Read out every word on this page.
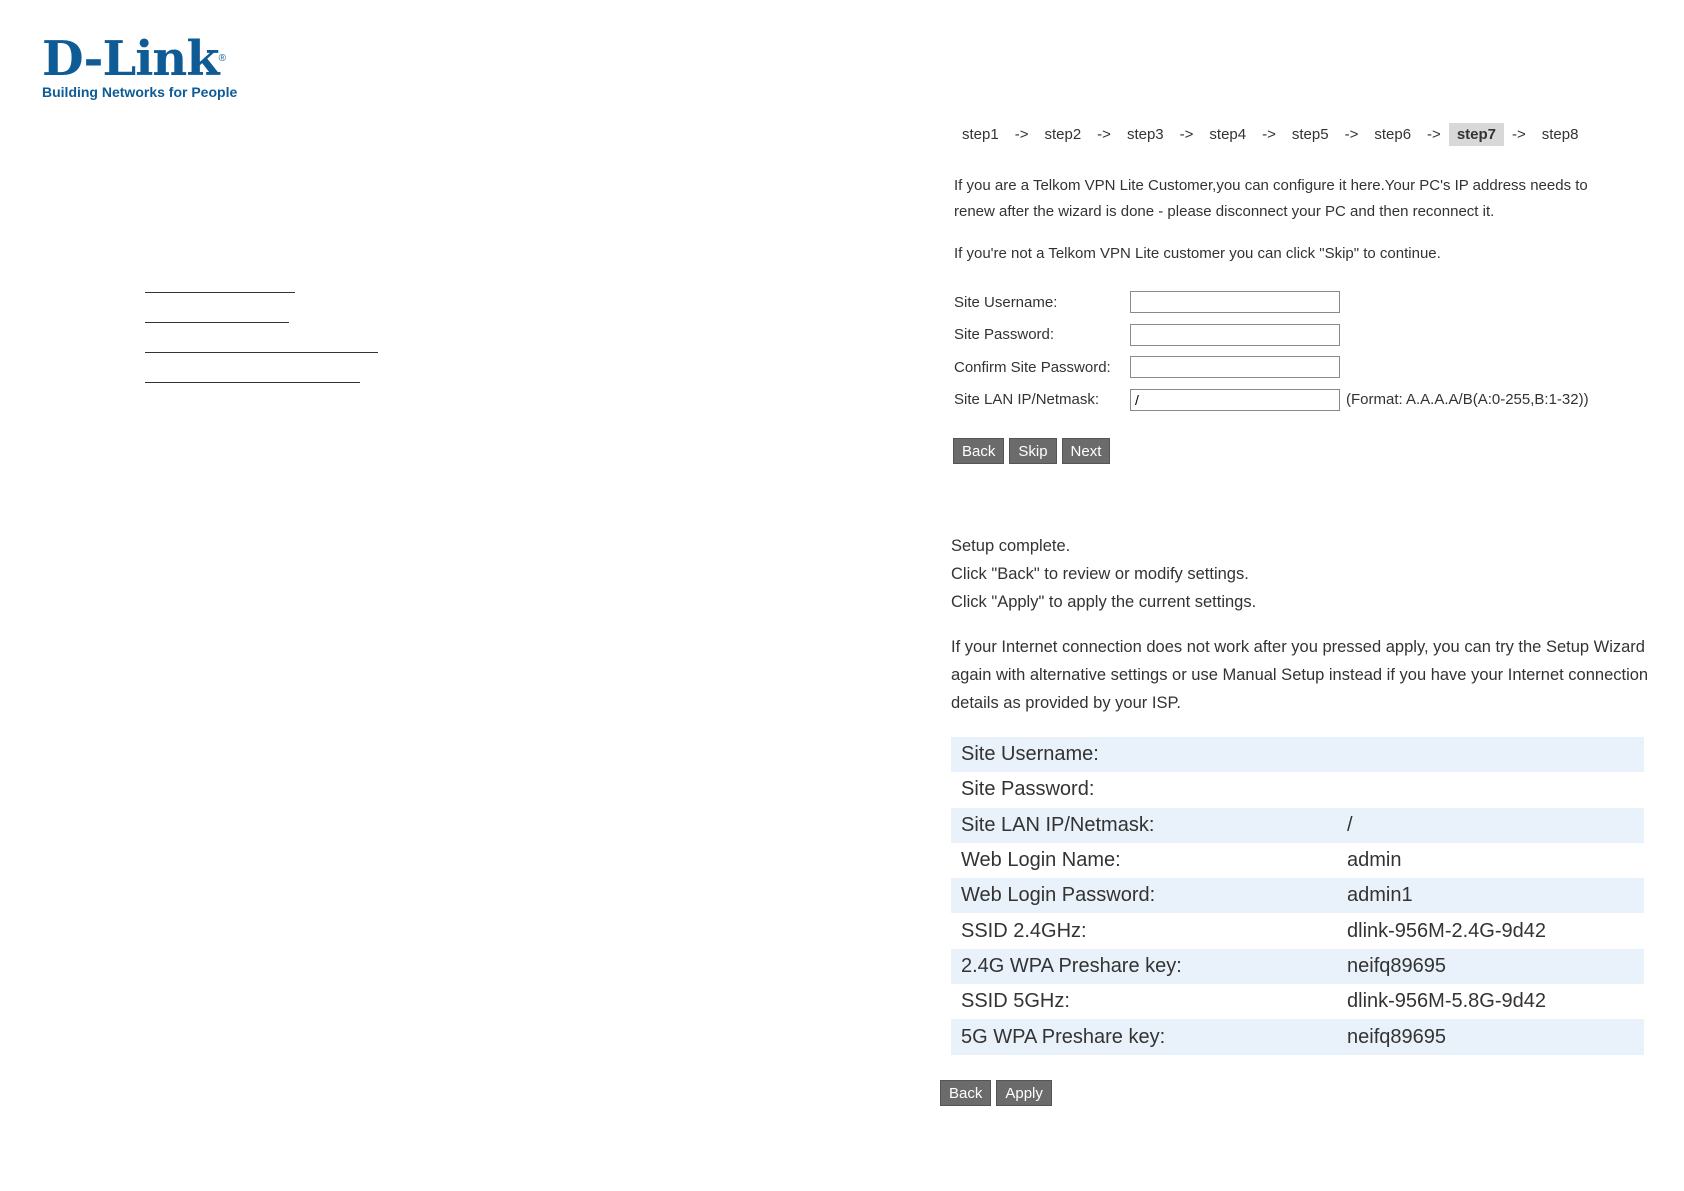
D-Link®
Building Networks for People
step1	->	step2	->	step3	->	step4	->	step5	->	step6	->	step7	->	step8
If you are a Telkom VPN Lite Customer,you can configure it here.Your PC's IP address needs to
renew after the wizard is done - please disconnect your PC and then reconnect it.
If you're not a Telkom VPN Lite customer you can click "Skip" to continue.
Site Username:
Site Password:
Confirm Site Password:
Site LAN IP/Netmask:
/	(Format: A.A.A.A/B(A:0-255,B:1-32))
Back	Skip	Next
Setup complete.
Click "Back" to review or modify settings.
Click "Apply" to apply the current settings.
If your Internet connection does not work after you pressed apply, you can try the Setup Wizard
again with alternative settings or use Manual Setup instead if you have your Internet connection
details as provided by your ISP.
Site Username:	
Site Password:	
Site LAN IP/Netmask:	/
Web Login Name:	admin
Web Login Password:	admin1
SSID 2.4GHz:	dlink-956M-2.4G-9d42
2.4G WPA Preshare key:	neifq89695
SSID 5GHz:	dlink-956M-5.8G-9d42
5G WPA Preshare key:	neifq89695
Back	Apply
